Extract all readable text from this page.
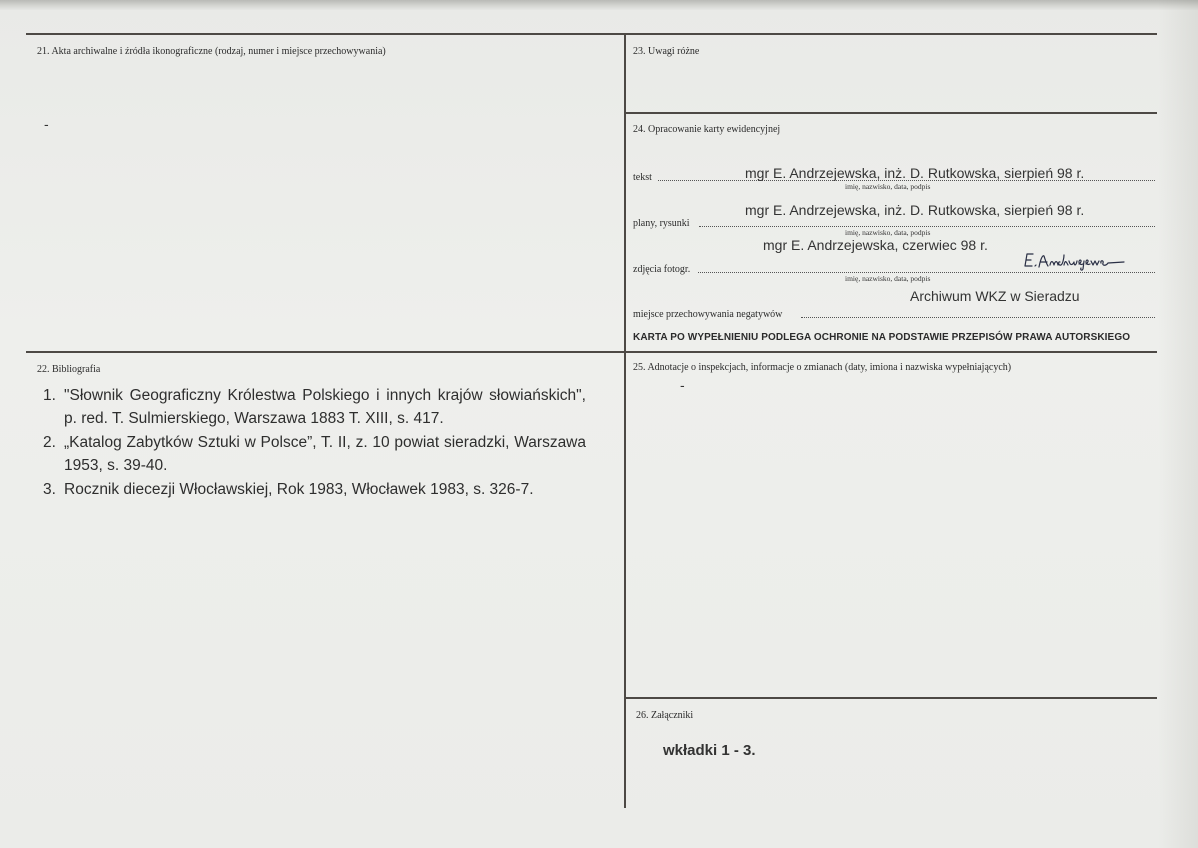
21. Akta archiwalne i źródła ikonograficzne (rodzaj, numer i miejsce przechowywania)
-
22. Bibliografia
1. "Słownik Geograficzny Królestwa Polskiego i innych krajów słowiańskich", p. red. T. Sulmierskiego, Warszawa 1883 T. XIII, s. 417.
2. „Katalog Zabytków Sztuki w Polsce”, T. II, z. 10 powiat sieradzki, Warszawa 1953, s. 39-40.
3. Rocznik diecezji Włocławskiej, Rok 1983, Włocławek 1983, s. 326-7.
23. Uwagi różne
24. Opracowanie karty ewidencyjnej
tekst	mgr E. Andrzejewska, inż. D. Rutkowska, sierpień 98 r.
imię, nazwisko, data, podpis
mgr E. Andrzejewska, inż. D. Rutkowska, sierpień 98 r.
plany, rysunki
imię, nazwisko, data, podpis
mgr E. Andrzejewska, czerwiec 98 r.
zdjęcia fotogr.
imię, nazwisko, data, podpis
Archiwum WKZ w Sieradzu
miejsce przechowywania negatywów
KARTA PO WYPEŁNIENIU PODLEGA OCHRONIE NA PODSTAWIE PRZEPISÓW PRAWA AUTORSKIEGO
25. Adnotacje o inspekcjach, informacje o zmianach (daty, imiona i nazwiska wypełniających)
-
26. Załączniki
wkładki 1 - 3.
